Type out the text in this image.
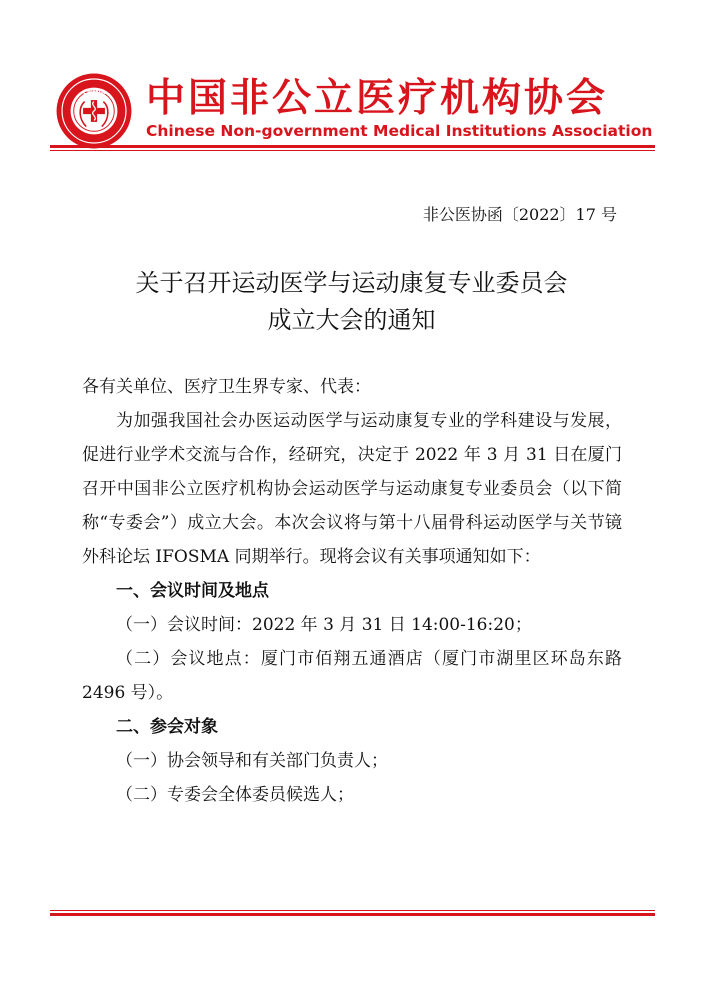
CNMIA 中国非公立医疗机构协会
Chinese Non-government Medical Institutions Association
非公医协函〔2022〕17 号
关于召开运动医学与运动康复专业委员会
成立大会的通知

各有关单位、医疗卫生界专家、代表：

为加强我国社会办医运动医学与运动康复专业的学科建设与发展，促进行业学术交流与合作，经研究，决定于 2022 年 3 月 31 日在厦门召开中国非公立医疗机构协会运动医学与运动康复专业委员会（以下简称“专委会”）成立大会。本次会议将与第十八届骨科运动医学与关节镜外科论坛 IFOSMA 同期举行。现将会议有关事项通知如下：

一、会议时间及地点

（一）会议时间：2022 年 3 月 31 日 14:00-16:20；

（二）会议地点：厦门市佰翔五通酒店（厦门市湖里区环岛东路 2496 号）。

二、参会对象

（一）协会领导和有关部门负责人；

（二）专委会全体委员候选人；
